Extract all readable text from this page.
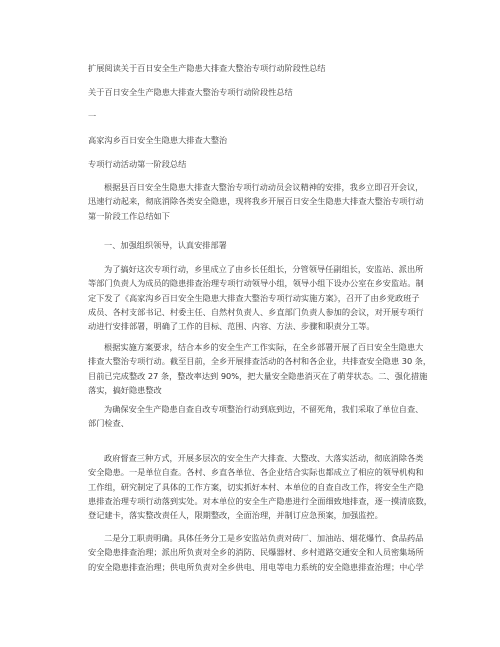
扩展阅读关于百日安全生产隐患大排查大整治专项行动阶段性总结
关于百日安全生产隐患大排查大整治专项行动阶段性总结
一
高家沟乡百日安全生隐患大排查大整治
专项行动活动第一阶段总结
根据县百日安全生隐患大排查大整治专项行动动员会议精神的安排，我乡立即召开会议，
迅速行动起来，彻底消除各类安全隐患，现将我乡开展百日安全生隐患大排查大整治专项行动
第一阶段工作总结如下
一、加强组织领导，认真安排部署
为了搞好这次专项行动，乡里成立了由乡长任组长，分管领导任副组长，安监站、派出所
等部门负责人为成员的隐患排查治理专项行动领导小组，领导小组下设办公室在乡安监站。制
定下发了《高家沟乡百日安全生隐患大排查大整治专项行动实施方案》，召开了由乡党政班子
成员、各村支部书记、村委主任、自然村负责人、乡直部门负责人参加的会议，对开展专项行
动进行安排部署，明确了工作的目标、范围、内容、方法、步骤和职责分工等。
根据实施方案要求，结合本乡的安全生产工作实际，在全乡部署开展了百日安全生隐患大
排查大整治专项行动。截至目前，全乡开展排查活动的各村和各企业，共排查安全隐患 30 条，
目前已完成整改 27 条，整改率达到 90%，把大量安全隐患消灭在了萌芽状态。二、强化措施
落实，搞好隐患整改
为确保安全生产隐患自查自改专项整治行动到底到边，不留死角，我们采取了单位自查、
部门检查、
政府督查三种方式，开展多层次的安全生产大排查、大整改、大落实活动，彻底消除各类
安全隐患。一是单位自查。各村、乡直各单位、各企业结合实际也都成立了相应的领导机构和
工作组，研究制定了具体的工作方案，切实抓好本村、本单位的自查自改工作，将安全生产隐
患排查治理专项行动落到实处。对本单位的安全生产隐患进行全面细致地排查，逐一摸清底数，
登记建卡，落实整改责任人，限期整改，全面治理，并制订应急预案，加强监控。
二是分工职责明确。具体任务分工是乡安监站负责对砖厂、加油站、烟花爆竹、食品药品
安全隐患排查治理；派出所负责对全乡的消防、民爆器材、乡村道路交通安全和人员密集场所
的安全隐患排查治理；供电所负责对全乡供电、用电等电力系统的安全隐患排查治理；中心学
